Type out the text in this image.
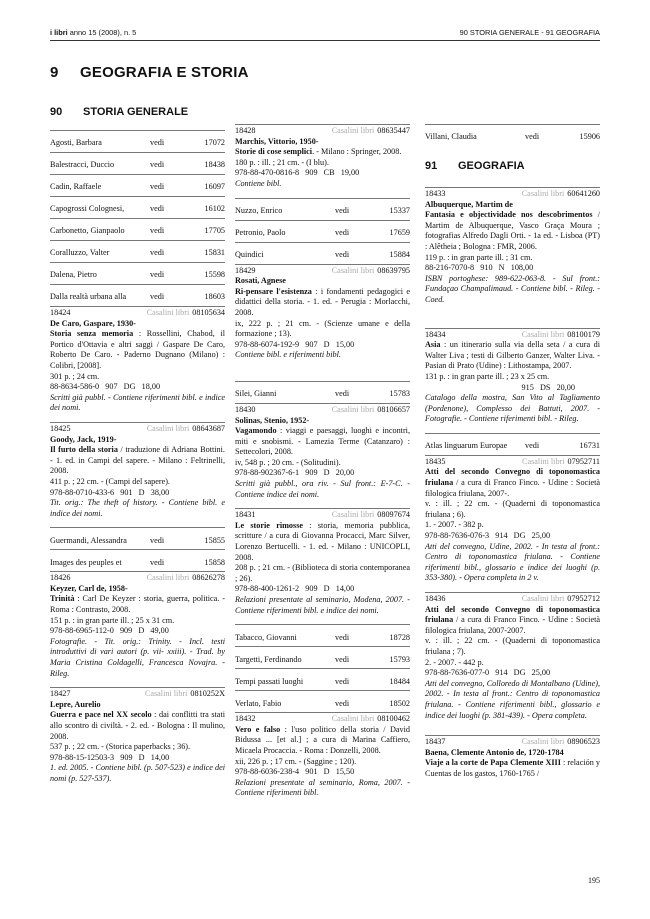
i libri anno 15 (2008), n. 5	90 STORIA GENERALE - 91 GEOGRAFIA
9 GEOGRAFIA E STORIA
90 STORIA GENERALE
Agosti, Barbara	vedi	17072
Balestracci, Duccio	vedi	18438
Cadin, Raffaele	vedi	16097
Capogrossi Colognesi,	vedi	16102
Carbonetto, Gianpaolo	vedi	17705
Coralluzzo, Valter	vedi	15831
Dalena, Pietro	vedi	15598
Dalla realtà urbana alla	vedi	18603
18424	Casalini libri 08105634
De Caro, Gaspare, 1930-

Storia senza memoria : Rossellini, Chabod, il Portico d'Ottavia e altri saggi / Gaspare De Caro, Roberto De Caro. - Paderno Dugnano (Milano) : Colibri, [2008].

301 p. ; 24 cm.

88-8634-586-0   907   DG   18,00

Scritti già pubbl. - Contiene riferimenti bibl. e indice dei nomi.

18425	Casalini libri 08643687
Goody, Jack, 1919-

Il furto della storia / traduzione di Adriana Bottini. - 1. ed. in Campi del sapere. - Milano : Feltrinelli, 2008.

411 p. ; 22 cm. - (Campi del sapere).

978-88-0710-433-6   901   D   38,00

Tit. orig.: The theft of history. - Contiene bibl. e indice dei nomi.

Guermandi, Alessandra	vedi	15855
Images des peuples et	vedi	15858
18426	Casalini libri 08626278
Keyzer, Carl de, 1958-

Trinità : Carl De Keyzer : storia, guerra, politica. - Roma : Contrasto, 2008.

151 p. : in gran parte ill. ; 25 x 31 cm.

978-88-6965-112-0   909   D   49,00

Fotografie. - Tit. orig.: Trinity. - Incl. testi introduttivi di vari autori (p. vii- xxiii). - Trad. by Maria Cristina Coldagelli, Francesca Novajra. - Rileg.

18427	Casalini libri 0810252X
Lepre, Aurelio

Guerra e pace nel XX secolo : dai conflitti tra stati allo scontro di civiltà. - 2. ed. - Bologna : Il mulino, 2008.

537 p. ; 22 cm. - (Storica paperbacks ; 36).

978-88-15-12503-3   909   D   14,00

1. ed. 2005. - Contiene bibl. (p. 507-523) e indice dei nomi (p. 527-537).

18428	Casalini libri 08635447
Marchis, Vittorio, 1950-

Storie di cose semplici. - Milano : Springer, 2008.

180 p. : ill. ; 21 cm. - (I blu).

978-88-470-0816-8   909   CB   19,00

Contiene bibl.

Nuzzo, Enrico	vedi	15337
Petronio, Paolo	vedi	17659
Quindici	vedi	15884
18429	Casalini libri 08639795
Rosati, Agnese

Ri-pensare l'esistenza : i fondamenti pedagogici e didattici della storia. - 1. ed. - Perugia : Morlacchi, 2008.

ix, 222 p. ; 21 cm. - (Scienze umane e della formazione ; 13).

978-88-6074-192-9   907   D   15,00

Contiene bibl. e riferimenti bibl.

Silei, Gianni	vedi	15783
18430	Casalini libri 08106657
Solinas, Stenio, 1952-

Vagamondo : viaggi e paesaggi, luoghi e incontri, miti e snobismi. - Lamezia Terme (Catanzaro) : Settecolori, 2008.

iv, 548 p. ; 20 cm. - (Solitudini).

978-88-902367-6-1   909   D   20,00

Scritti già pubbl., ora riv. - Sul front.: E-7-C. - Contiene indice dei nomi.

18431	Casalini libri 08097674

Le storie rimosse : storia, memoria pubblica, scritture / a cura di Giovanna Procacci, Marc Silver, Lorenzo Bertucelli. - 1. ed. - Milano : UNICOPLI, 2008.

208 p. ; 21 cm. - (Biblioteca di storia contemporanea ; 26).

978-88-400-1261-2   909   D   14,00

Relazioni presentate al seminario, Modena, 2007. - Contiene riferimenti bibl. e indice dei nomi.

Tabacco, Giovanni	vedi	18728
Targetti, Ferdinando	vedi	15793
Tempi passati luoghi	vedi	18484
Verlato, Fabio	vedi	18502
18432	Casalini libri 08100462

Vero e falso : l'uso politico della storia / David Bidussa ... [et al.] ; a cura di Marina Caffiero, Micaela Procaccia. - Roma : Donzelli, 2008.

xii, 226 p. ; 17 cm. - (Saggine ; 120).

978-88-6036-238-4   901   D   15,50

Relazioni presentate al seminario, Roma, 2007. - Contiene riferimenti bibl.

Villani, Claudia	vedi	15906
91 GEOGRAFIA
18433	Casalini libri 60641260
Albuquerque, Martim de

Fantasia e objectividade nos descobrimentos / Martim de Albuquerque, Vasco Graça Moura ; fotografias Alfredo Dagli Orti. - 1a ed. - Lisboa (PT) : Alêtheia ; Bologna : FMR, 2006.

119 p. : in gran parte ill. ; 31 cm.

88-216-7070-8   910   N   108,00

ISBN portoghese: 989-622-063-8. - Sul front.: Fundaçao Champalimaud. - Contiene bibl. - Rileg. - Coed.

18434	Casalini libri 08100179

Asia : un itinerario sulla via della seta / a cura di Walter Liva ; testi di Gilberto Ganzer, Walter Liva. - Pasian di Prato (Udine) : Lithostampa, 2007.

131 p. : in gran parte ill. ; 23 x 25 cm.

915   DS   20,00

Catalogo della mostra, San Vito al Tagliamento (Pordenone), Complesso dei Battuti, 2007. - Fotografie. - Contiene riferimenti bibl. - Rileg.

Atlas linguarum Europae	vedi	16731
18435	Casalini libri 07952711

Atti del secondo Convegno di toponomastica friulana / a cura di Franco Finco. - Udine : Società filologica friulana, 2007-.

v. : ill. ; 22 cm. - (Quaderni di toponomastica friulana ; 6).

1. - 2007. - 382 p.

978-88-7636-076-3   914   DG   25,00

Atti del convegno, Udine, 2002. - In testa al front.: Centro di toponomastica friulana. - Contiene riferimenti bibl., glossario e indice dei luoghi (p. 353-380). - Opera completa in 2 v.

18436	Casalini libri 07952712

Atti del secondo Convegno di toponomastica friulana / a cura di Franco Finco. - Udine : Società filologica friulana, 2007-2007.

v. : ill. ; 22 cm. - (Quaderni di toponomastica friulana ; 7).

2. - 2007. - 442 p.

978-88-7636-077-0   914   DG   25,00

Atti del convegno, Colloredo di Montalbano (Udine), 2002. - In testa al front.: Centro di toponomastica friulana. - Contiene riferimenti bibl., glossario e indice dei luoghi (p. 381-439). - Opera completa.

18437	Casalini libri 08906523
Baena, Clemente Antonio de, 1720-1784

Viaje a la corte de Papa Clemente XIII : relación y Cuentas de los gastos, 1760-1765 /

195
